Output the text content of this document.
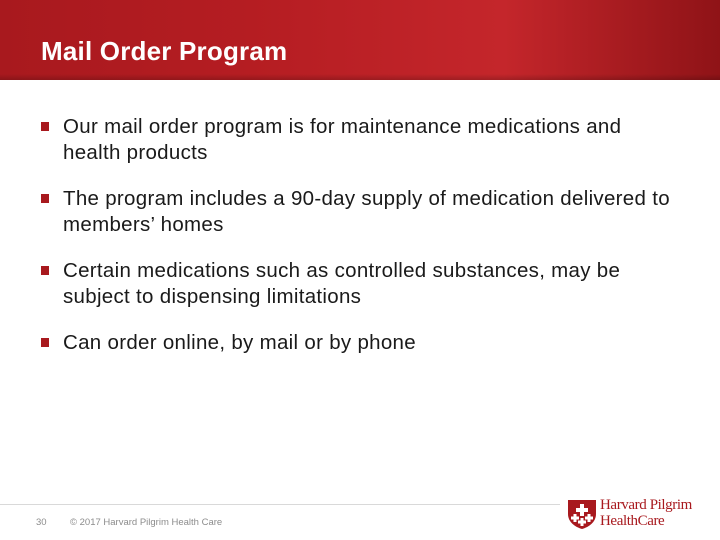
Mail Order Program
Our mail order program is for maintenance medications and health products
The program includes a 90-day supply of medication delivered to members’ homes
Certain medications such as controlled substances, may be subject to dispensing limitations
Can order online, by mail or by phone
30 © 2017 Harvard Pilgrim Health Care
Harvard Pilgrim
HealthCare
